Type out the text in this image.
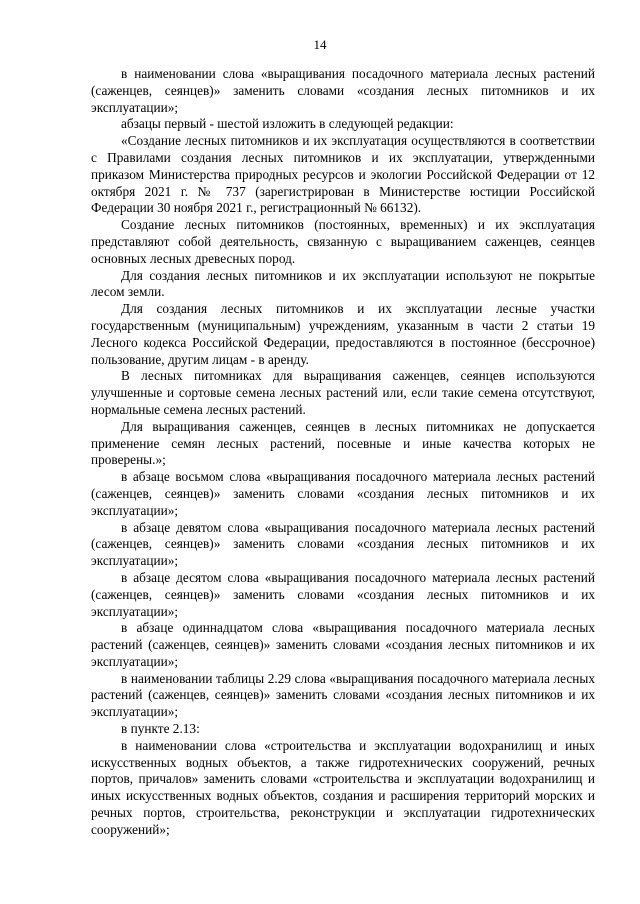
14

в наименовании слова «выращивания посадочного материала лесных растений (саженцев, сеянцев)» заменить словами «создания лесных питомников и их эксплуатации»;

абзацы первый - шестой изложить в следующей редакции:

«Создание лесных питомников и их эксплуатация осуществляются в соответствии с Правилами создания лесных питомников и их эксплуатации, утвержденными приказом Министерства природных ресурсов и экологии Российской Федерации от 12 октября 2021 г. № 737 (зарегистрирован в Министерстве юстиции Российской Федерации 30 ноября 2021 г., регистрационный № 66132).

Создание лесных питомников (постоянных, временных) и их эксплуатация представляют собой деятельность, связанную с выращиванием саженцев, сеянцев основных лесных древесных пород.

Для создания лесных питомников и их эксплуатации используют не покрытые лесом земли.

Для создания лесных питомников и их эксплуатации лесные участки государственным (муниципальным) учреждениям, указанным в части 2 статьи 19 Лесного кодекса Российской Федерации, предоставляются в постоянное (бессрочное) пользование, другим лицам - в аренду.

В лесных питомниках для выращивания саженцев, сеянцев используются улучшенные и сортовые семена лесных растений или, если такие семена отсутствуют, нормальные семена лесных растений.

Для выращивания саженцев, сеянцев в лесных питомниках не допускается применение семян лесных растений, посевные и иные качества которых не проверены.»;

в абзаце восьмом слова «выращивания посадочного материала лесных растений (саженцев, сеянцев)» заменить словами «создания лесных питомников и их эксплуатации»;

в абзаце девятом слова «выращивания посадочного материала лесных растений (саженцев, сеянцев)» заменить словами «создания лесных питомников и их эксплуатации»;

в абзаце десятом слова «выращивания посадочного материала лесных растений (саженцев, сеянцев)» заменить словами «создания лесных питомников и их эксплуатации»;

в абзаце одиннадцатом слова «выращивания посадочного материала лесных растений (саженцев, сеянцев)» заменить словами «создания лесных питомников и их эксплуатации»;

в наименовании таблицы 2.29 слова «выращивания посадочного материала лесных растений (саженцев, сеянцев)» заменить словами «создания лесных питомников и их эксплуатации»;

в пункте 2.13:

в наименовании слова «строительства и эксплуатации водохранилищ и иных искусственных водных объектов, а также гидротехнических сооружений, речных портов, причалов» заменить словами «строительства и эксплуатации водохранилищ и иных искусственных водных объектов, создания и расширения территорий морских и речных портов, строительства, реконструкции и эксплуатации гидротехнических сооружений»;
